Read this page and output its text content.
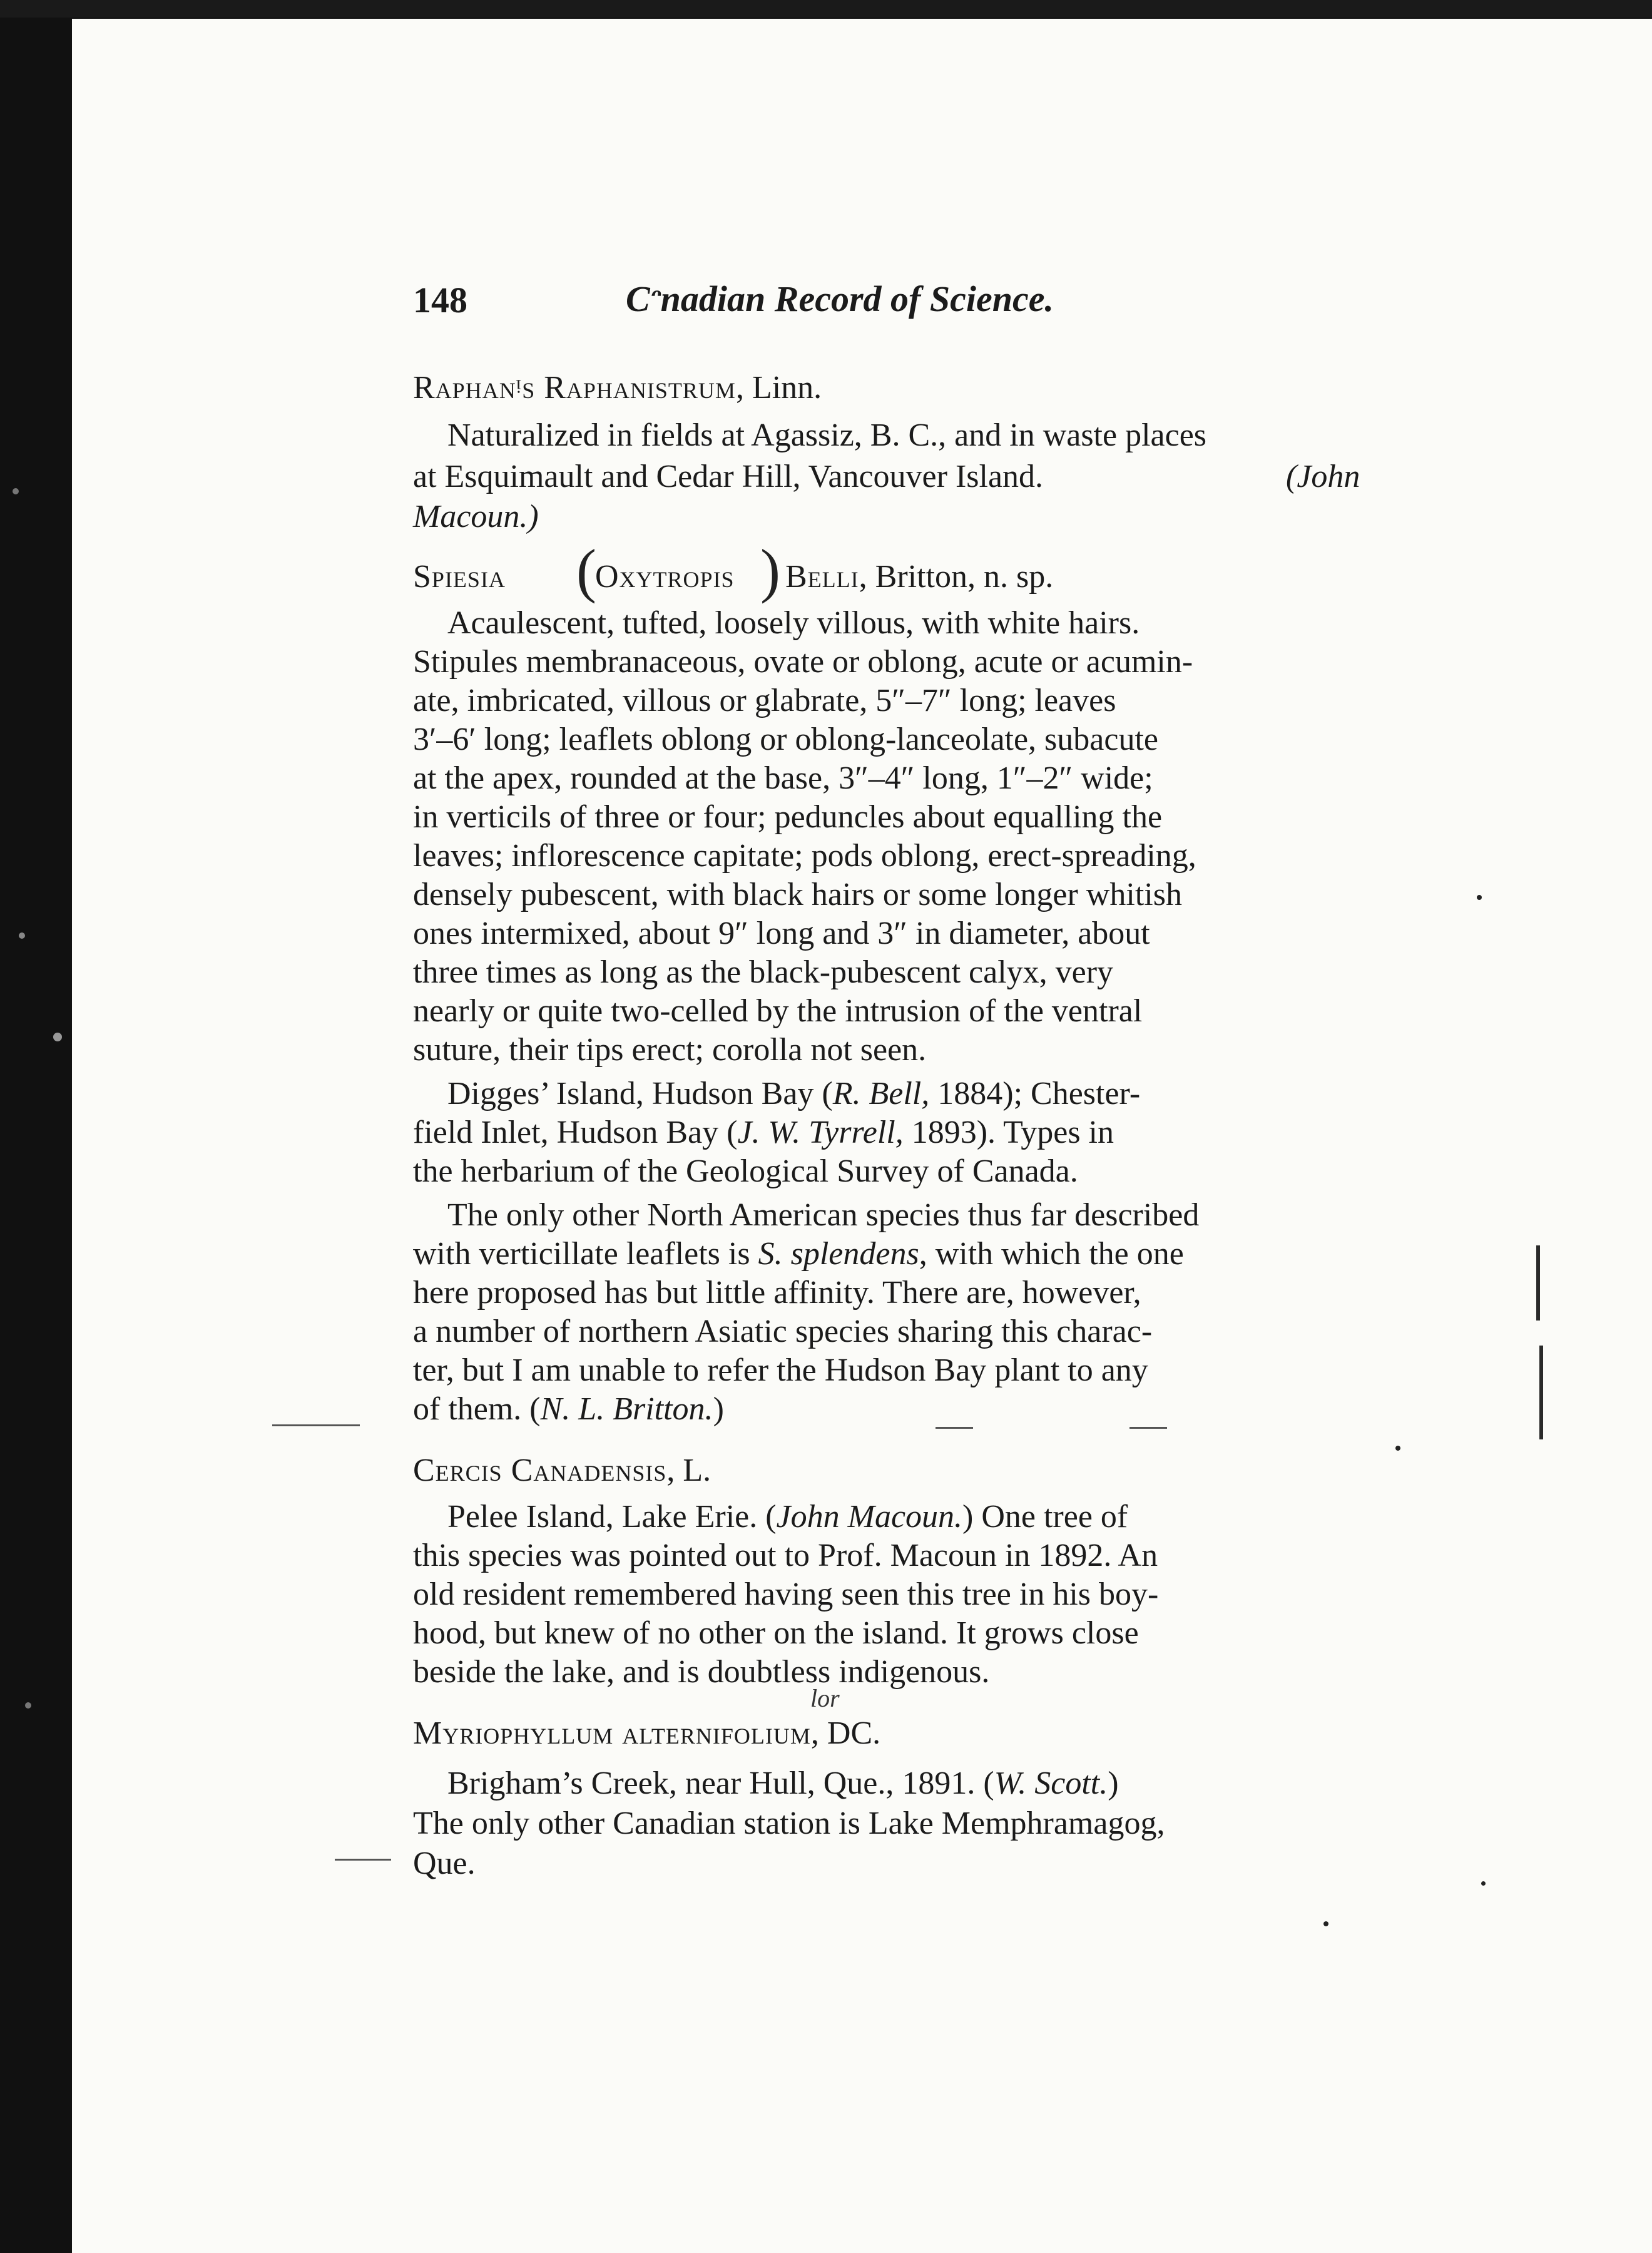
148	Cᵔnadian Record of Science.
Raphanᵎs Raphanistrum, Linn.
Naturalized in fields at Agassiz, B. C., and in waste places
at Esquimault and Cedar Hill, Vancouver Island.	(John
Macoun.)
Spiesia (
Oxytropis ) Belli, Britton, n. sp.
Acaulescent, tufted, loosely villous, with white hairs.
Stipules membranaceous, ovate or oblong, acute or acumin-
ate, imbricated, villous or glabrate, 5″–7″ long; leaves
3′–6′ long; leaflets oblong or oblong-lanceolate, subacute
at the apex, rounded at the base, 3″–4″ long, 1″–2″ wide;
in verticils of three or four; peduncles about equalling the
leaves; inflorescence capitate; pods oblong, erect-spreading,
densely pubescent, with black hairs or some longer whitish
ones intermixed, about 9″ long and 3″ in diameter, about
three times as long as the black-pubescent calyx, very
nearly or quite two-celled by the intrusion of the ventral
suture, their tips erect; corolla not seen.
Digges’ Island, Hudson Bay (R. Bell, 1884); Chester-
field Inlet, Hudson Bay (J. W. Tyrrell, 1893). Types in
the herbarium of the Geological Survey of Canada.
The only other North American species thus far described
with verticillate leaflets is S. splendens, with which the one
here proposed has but little affinity. There are, however,
a number of northern Asiatic species sharing this charac-
ter, but I am unable to refer the Hudson Bay plant to any
of them. (N. L. Britton.)
Cercis Canadensis, L.
Pelee Island, Lake Erie. (John Macoun.) One tree of
this species was pointed out to Prof. Macoun in 1892. An
old resident remembered having seen this tree in his boy-
hood, but knew of no other on the island. It grows close
beside the lake, and is doubtless indigenous.
lor
Myriophyllum alternifolium, DC.
Brigham’s Creek, near Hull, Que., 1891. (W. Scott.)
The only other Canadian station is Lake Memphramagog,
Que.
